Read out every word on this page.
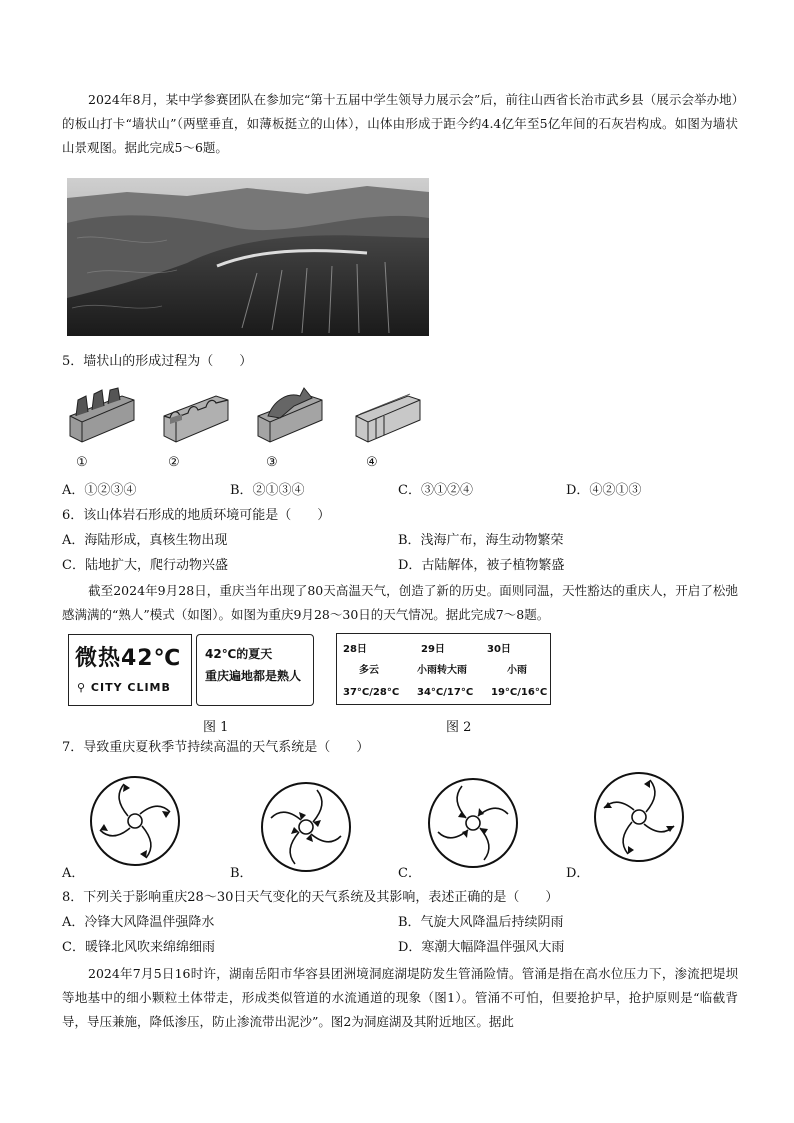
2024年8月，某中学参赛团队在参加完“第十五届中学生领导力展示会”后，前往山西省长治市武乡县（展示会举办地）的板山打卡“墙状山”（两壁垂直，如薄板挺立的山体），山体由形成于距今约4.4亿年至5亿年间的石灰岩构成。如图为墙状山景观图。据此完成5～6题。
5．墙状山的形成过程为（　　）
①	②	③	④
A．①②③④	B．②①③④	C．③①②④	D．④②①③
6．该山体岩石形成的地质环境可能是（　　）
A．海陆形成，真核生物出现	B．浅海广布，海生动物繁荣
C．陆地扩大，爬行动物兴盛	D．古陆解体，被子植物繁盛
截至2024年9月28日，重庆当年出现了80天高温天气，创造了新的历史。面则同温，天性豁达的重庆人，开启了松弛感满满的“熟人”模式（如图）。如图为重庆9月28～30日的天气情况。据此完成7～8题。
微热42℃
⚲ CITY CLIMB
42℃的夏天
重庆遍地都是熟人
28日	29日	30日
多云	小雨转大雨	小雨
37°C/28°C 34°C/17°C 19°C/16°C
图 1	图 2
7．导致重庆夏秋季节持续高温的天气系统是（　　）
A．	B．	C．	D．
8．下列关于影响重庆28～30日天气变化的天气系统及其影响，表述正确的是（　　）
A．冷锋大风降温伴强降水	B．气旋大风降温后持续阴雨
C．暖锋北风吹来绵绵细雨	D．寒潮大幅降温伴强风大雨
2024年7月5日16时许，湖南岳阳市华容县团洲境洞庭湖堤防发生管涌险情。管涌是指在高水位压力下，渗流把堤坝等地基中的细小颗粒土体带走，形成类似管道的水流通道的现象（图1）。管涌不可怕，但要抢护早，抢护原则是“临截背导，导压兼施，降低渗压，防止渗流带出泥沙”。图2为洞庭湖及其附近地区。据此
